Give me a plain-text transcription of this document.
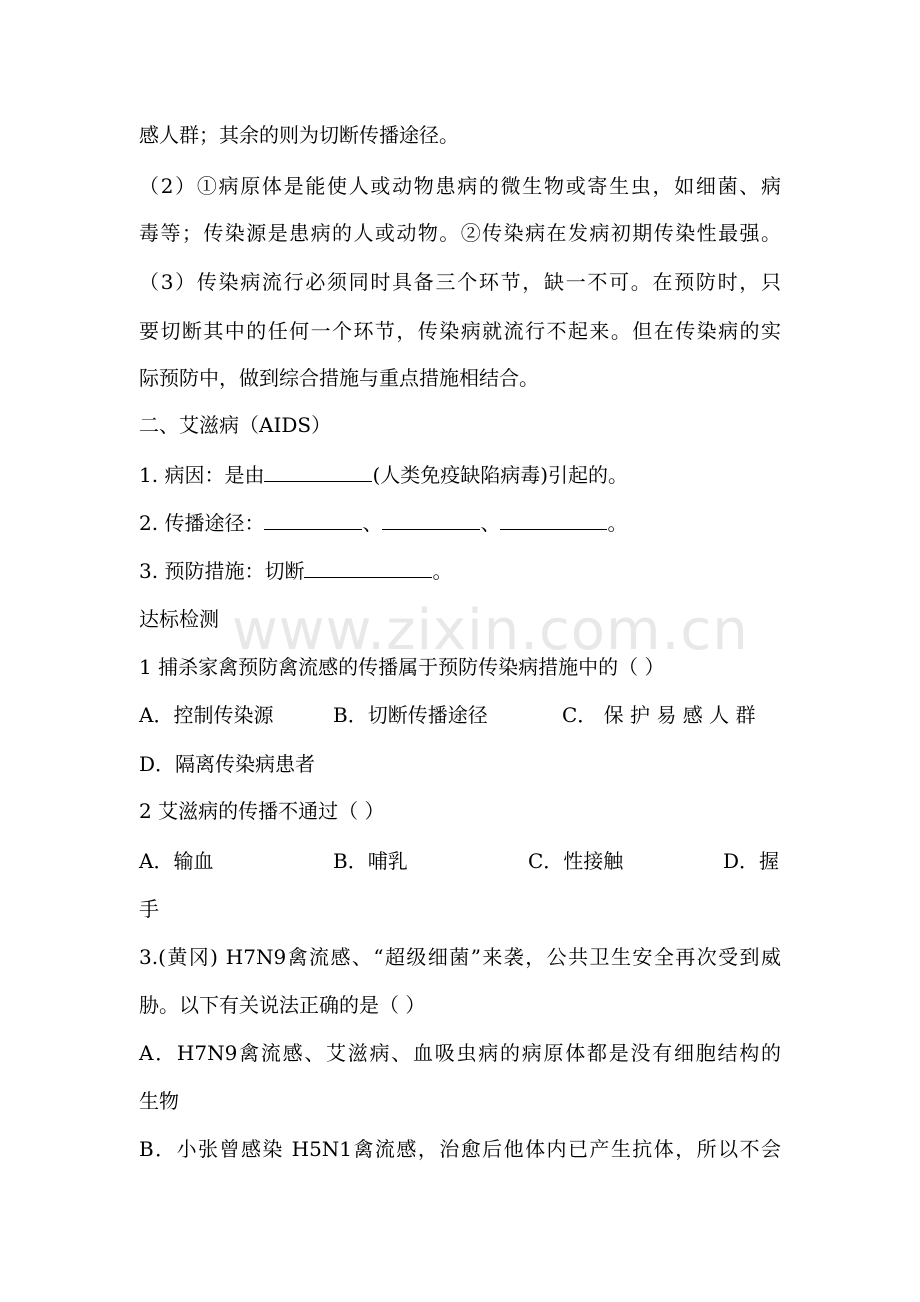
感人群；其余的则为切断传播途径。
（2）①病原体是能使人或动物患病的微生物或寄生虫，如细菌、病
毒等；传染源是患病的人或动物。②传染病在发病初期传染性最强。
（3）传染病流行必须同时具备三个环节，缺一不可。在预防时，只
要切断其中的任何一个环节，传染病就流行不起来。但在传染病的实
际预防中，做到综合措施与重点措施相结合。
二、艾滋病（AIDS）
1. 病因：是由	(人类免疫缺陷病毒)引起的。
2. 传播途径：	、	、	。
3. 预防措施：切断	。
达标检测 www.zixin.com.cn
1 捕杀家禽预防禽流感的传播属于预防传染病措施中的（ ）
A．控制传染源	B．切断传播途径	C． 保 护 易 感 人 群
D．隔离传染病患者
2 艾滋病的传播不通过（ ）
A．输血	B．哺乳	C．性接触	D．握
手
3.(黄冈) H7N9禽流感、“超级细菌”来袭，公共卫生安全再次受到威
胁。以下有关说法正确的是（ ）
A．H7N9禽流感、艾滋病、血吸虫病的病原体都是没有细胞结构的
生物
B．小张曾感染 H5N1禽流感，治愈后他体内已产生抗体，所以不会
